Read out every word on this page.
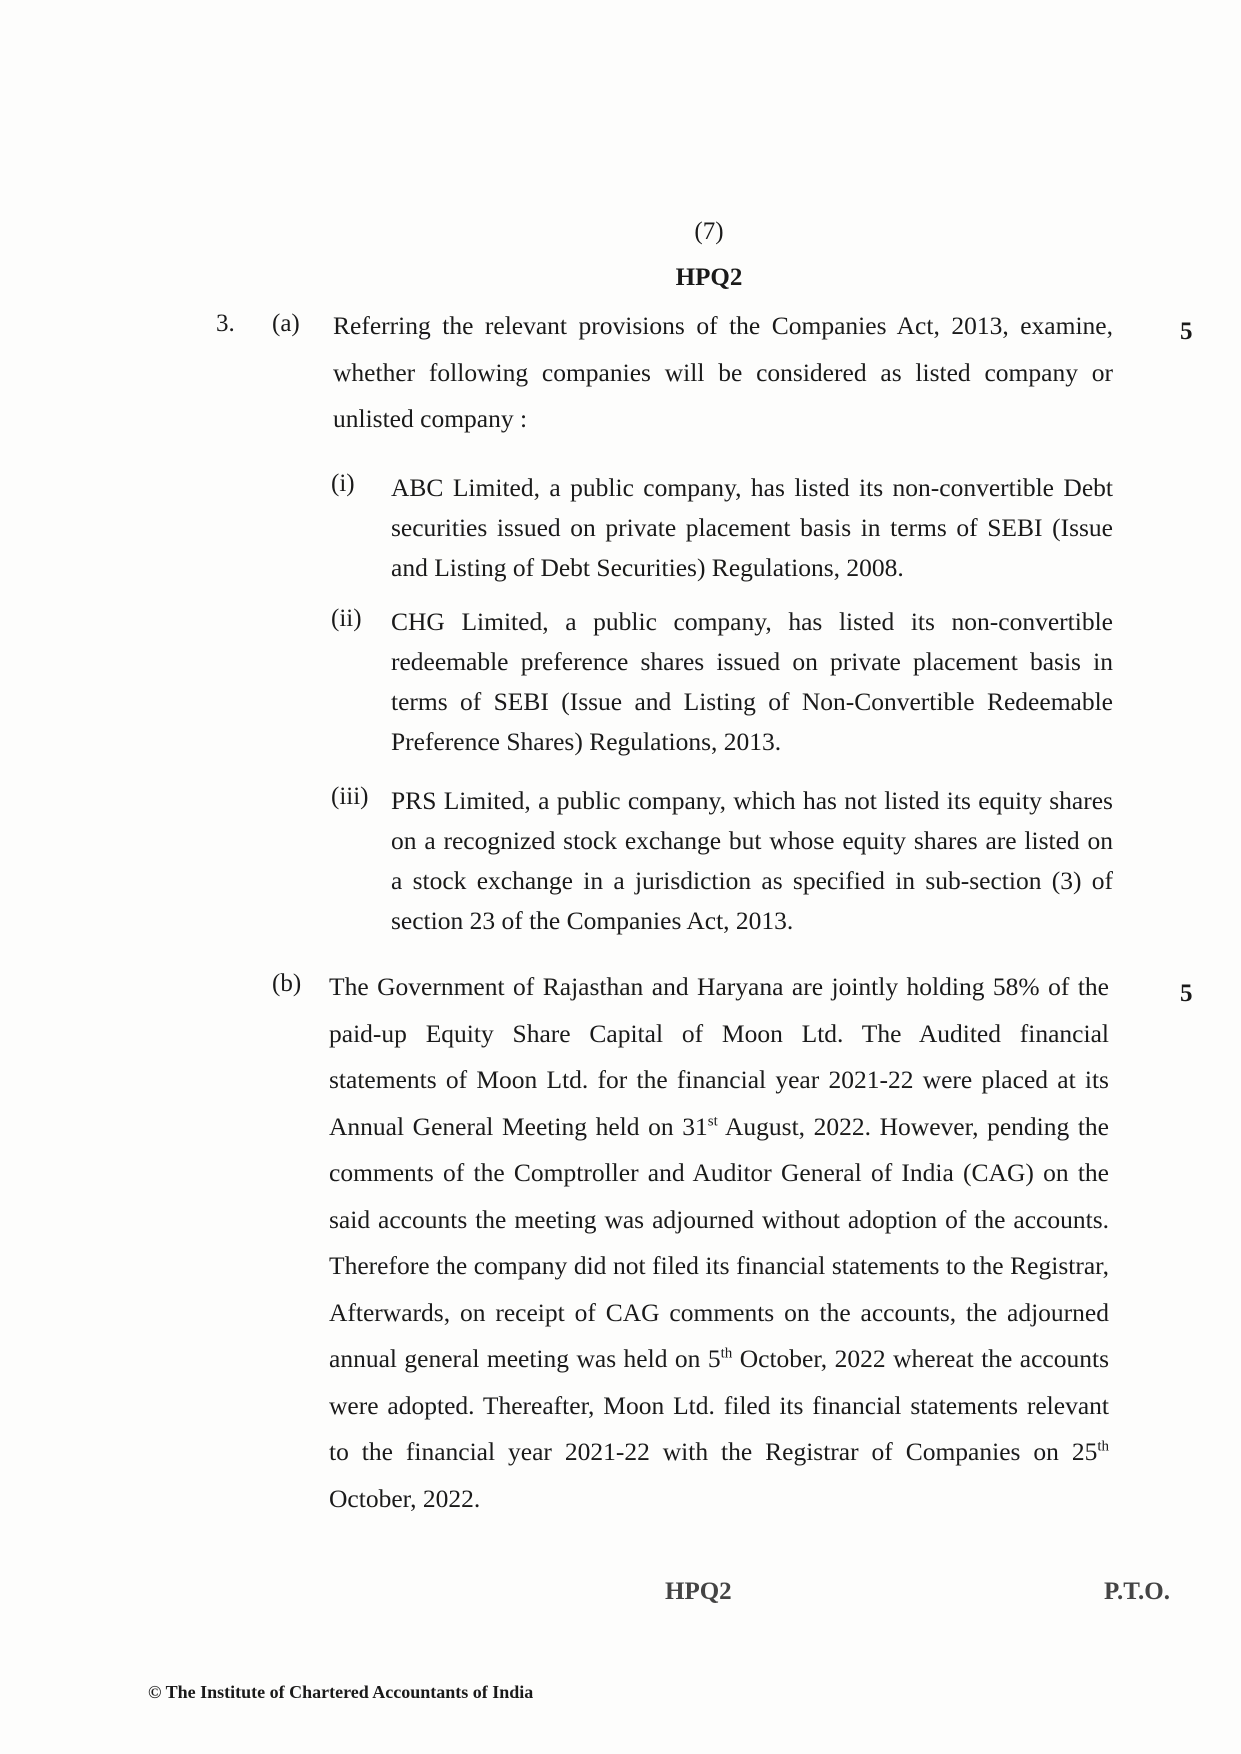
(7)
HPQ2
3. (a)	5

Referring the relevant provisions of the Companies Act, 2013, examine, whether following companies will be considered as listed company or unlisted company :

(i) ABC Limited, a public company, has listed its non-convertible Debt securities issued on private placement basis in terms of SEBI (Issue and Listing of Debt Securities) Regulations, 2008.

(ii) CHG Limited, a public company, has listed its non-convertible redeemable preference shares issued on private placement basis in terms of SEBI (Issue and Listing of Non-Convertible Redeemable Preference Shares) Regulations, 2013.

(iii) PRS Limited, a public company, which has not listed its equity shares on a recognized stock exchange but whose equity shares are listed on a stock exchange in a jurisdiction as specified in sub-section (3) of section 23 of the Companies Act, 2013.

(b)	5

The Government of Rajasthan and Haryana are jointly holding 58% of the paid-up Equity Share Capital of Moon Ltd. The Audited financial statements of Moon Ltd. for the financial year 2021-22 were placed at its Annual General Meeting held on 31st August, 2022. However, pending the comments of the Comptroller and Auditor General of India (CAG) on the said accounts the meeting was adjourned without adoption of the accounts. Therefore the company did not filed its financial statements to the Registrar, Afterwards, on receipt of CAG comments on the accounts, the adjourned annual general meeting was held on 5th October, 2022 whereat the accounts were adopted. Thereafter, Moon Ltd. filed its financial statements relevant to the financial year 2021-22 with the Registrar of Companies on 25th October, 2022.

HPQ2	P.T.O.
© The Institute of Chartered Accountants of India
